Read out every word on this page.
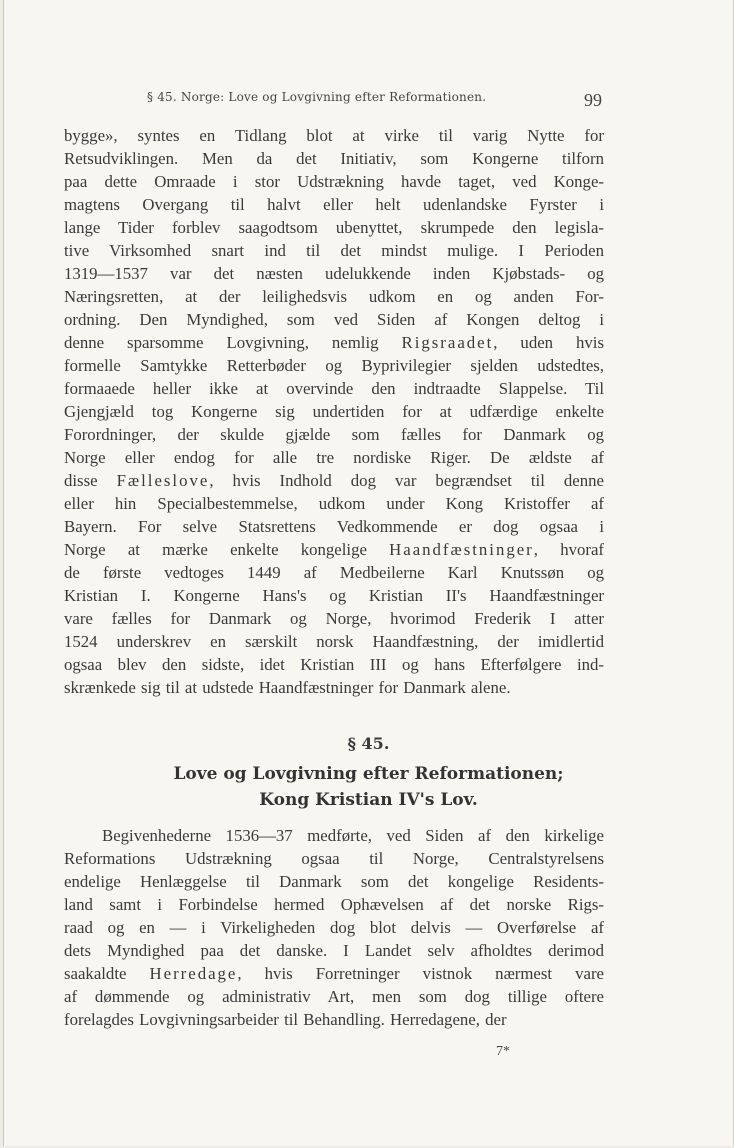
§ 45. Norge: Love og Lovgivning efter Reformationen.	99
bygge», syntes en Tidlang blot at virke til varig Nytte for
Retsudviklingen. Men da det Initiativ, som Kongerne tilforn
paa dette Omraade i stor Udstrækning havde taget, ved Konge-
magtens Overgang til halvt eller helt udenlandske Fyrster i
lange Tider forblev saagodtsom ubenyttet, skrumpede den legisla-
tive Virksomhed snart ind til det mindst mulige. I Perioden
1319—1537 var det næsten udelukkende inden Kjøbstads- og
Næringsretten, at der leilighedsvis udkom en og anden For-
ordning. Den Myndighed, som ved Siden af Kongen deltog i
denne sparsomme Lovgivning, nemlig Rigsraadet, uden hvis
formelle Samtykke Retterbøder og Byprivilegier sjelden udstedtes,
formaaede heller ikke at overvinde den indtraadte Slappelse. Til
Gjengjæld tog Kongerne sig undertiden for at udfærdige enkelte
Forordninger, der skulde gjælde som fælles for Danmark og
Norge eller endog for alle tre nordiske Riger. De ældste af
disse Fælleslove, hvis Indhold dog var begrændset til denne
eller hin Specialbestemmelse, udkom under Kong Kristoffer af
Bayern. For selve Statsrettens Vedkommende er dog ogsaa i
Norge at mærke enkelte kongelige Haandfæstninger, hvoraf
de første vedtoges 1449 af Medbeilerne Karl Knutssøn og
Kristian I. Kongerne Hans's og Kristian II's Haandfæstninger
vare fælles for Danmark og Norge, hvorimod Frederik I atter
1524 underskrev en særskilt norsk Haandfæstning, der imidlertid
ogsaa blev den sidste, idet Kristian III og hans Efterfølgere ind-
skrænkede sig til at udstede Haandfæstninger for Danmark alene.
§ 45.
Love og Lovgivning efter Reformationen;
Kong Kristian IV's Lov.
Begivenhederne 1536—37 medførte, ved Siden af den kirkelige
Reformations Udstrækning ogsaa til Norge, Centralstyrelsens
endelige Henlæggelse til Danmark som det kongelige Residents-
land samt i Forbindelse hermed Ophævelsen af det norske Rigs-
raad og en — i Virkeligheden dog blot delvis — Overførelse af
dets Myndighed paa det danske. I Landet selv afholdtes derimod
saakaldte Herredage, hvis Forretninger vistnok nærmest vare
af dømmende og administrativ Art, men som dog tillige oftere
forelagdes Lovgivningsarbeider til Behandling. Herredagene, der
7*
